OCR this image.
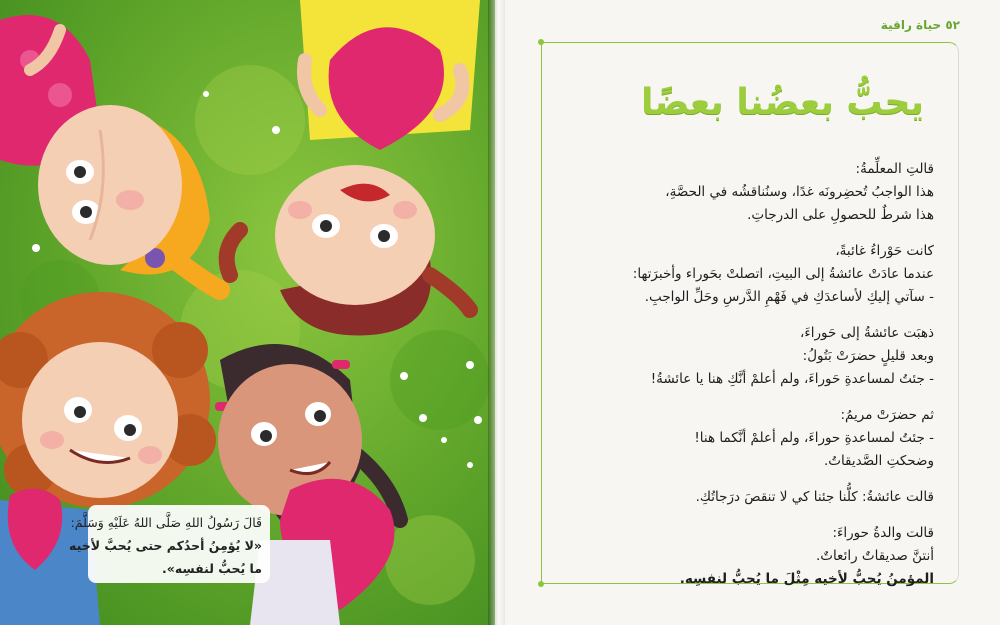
قَالَ رَسُولُ اللهِ صَلَّى اللهُ عَلَيْهِ وَسَلَّمَ:
«لا يُؤمِنُ أحدُكم حتى يُحبَّ لأخيه
ما يُحبُّ لنفسِه».
٥٢ حياة راقية
يحبُّ بعضُنا بعضًا
قالتِ المعلِّمةُ:
هذا الواجبُ تُحضِرونَه غدًا، وسنُناقشُه في الحصَّةِ،
هذا شرطٌ للحصولِ على الدرجاتِ.
كانت حَوْراءُ غائبةً،
عندما عادَتْ عائشةُ إلى البيتِ، اتصلتْ بحَوراء وأخبرَتها:
- سآتي إليكِ لأساعدَكِ في فَهْمِ الدَّرسِ وحَلِّ الواجبِ.
ذهبَت عائشةُ إلى حَوراءَ،
وبعد قليلٍ حضرَتْ بَتُولُ:
- جئتُ لمساعدةِ حَوراءَ، ولم أعلمْ أنَّكِ هنا يا عائشةُ!
ثم حضرَتْ مريمُ:
- جئتُ لمساعدةِ حوراءَ، ولم أعلمْ أنَّكما هنا!
وضحكتِ الصَّديقاتُ.
قالت عائشةُ: كلُّنا جئنا كي لا تنقصَ درَجاتُكِ.
قالت والدةُ حوراءَ:
أنتنَّ صديقاتٌ رائعاتٌ.
المؤمنُ يُحبُّ لأخيه مِثْلَ ما يُحبُّ لنفسِه.
